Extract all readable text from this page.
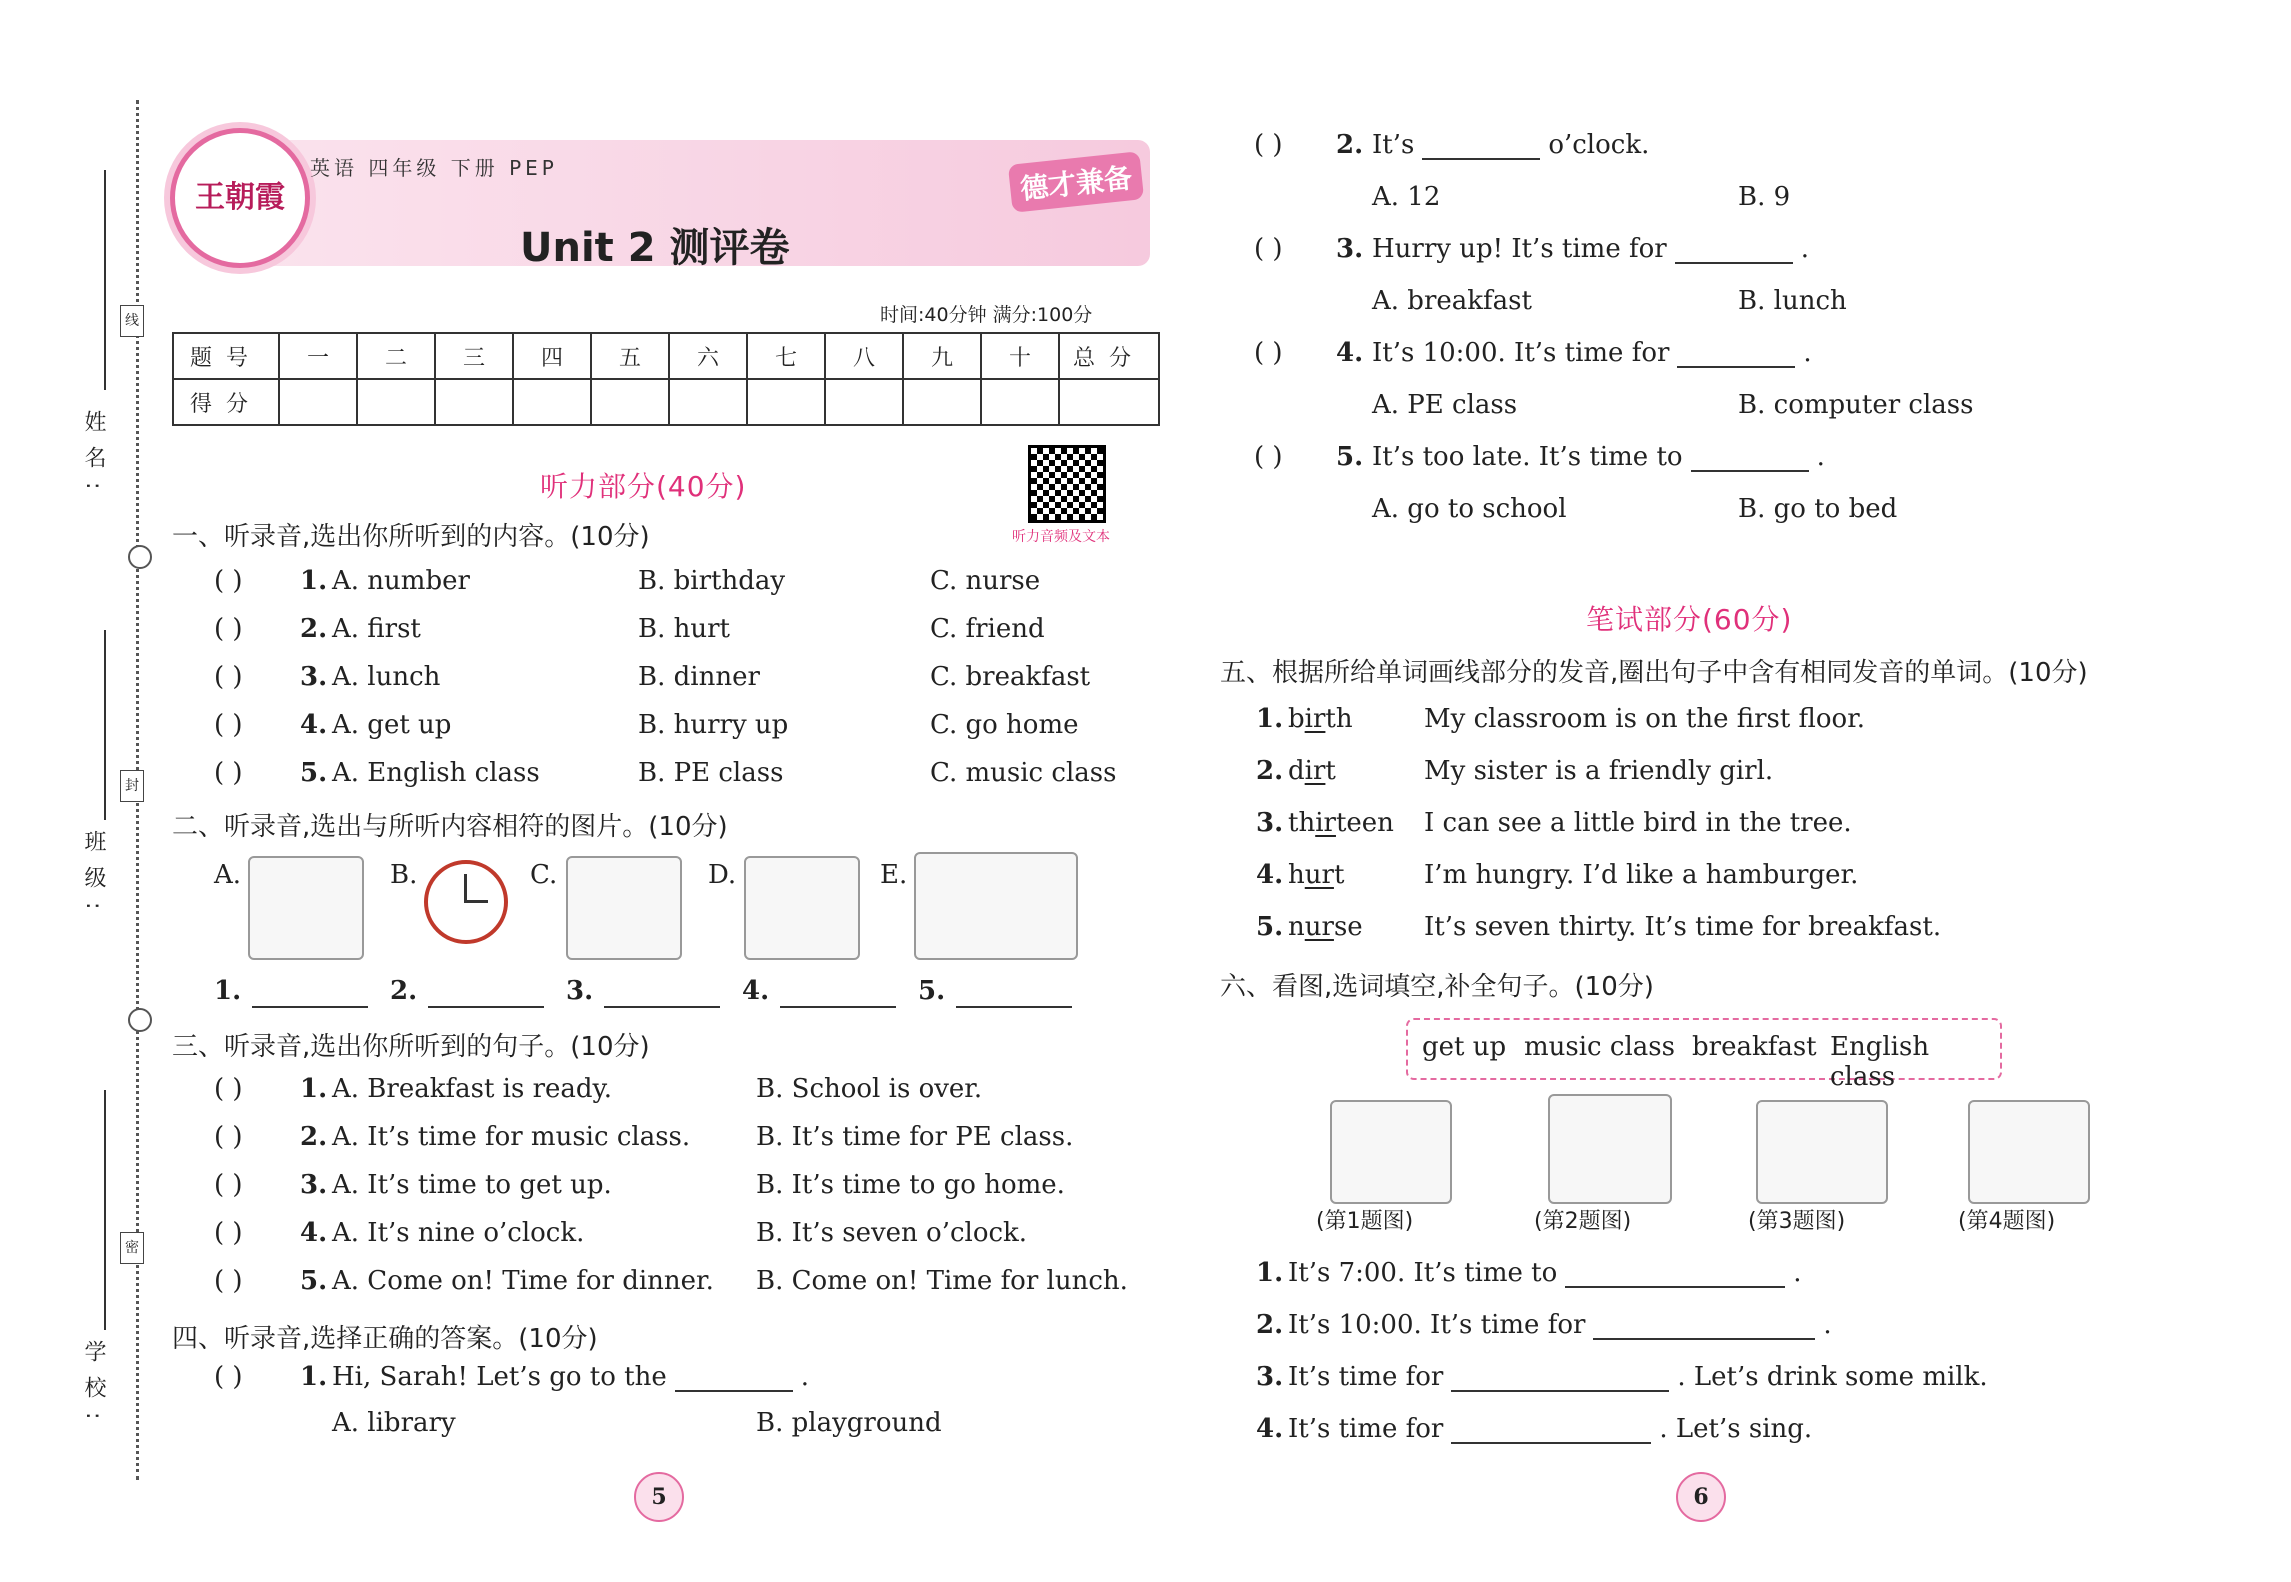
姓名:
班级:
学校:
线
封
密
王朝霞
英语 四年级 下册 PEP
Unit 2 测评卷
德才兼备
时间:40分钟 满分:100分
题号	一	二	三	四	五	六	七	八	九	十	总分
得分											
听力部分(40分)
听力音频及文本
一、听录音,选出你所听到的内容。(10分)
( ) 1. A. number	B. birthday	C. nurse
( ) 2. A. first	B. hurt	C. friend
( ) 3. A. lunch	B. dinner	C. breakfast
( ) 4. A. get up	B. hurry up	C. go home
( ) 5. A. English class	B. PE class	C. music class
二、听录音,选出与所听内容相符的图片。(10分)
A.	B.	C.	D.	E.
1.	2.	3.	4.	5.
三、听录音,选出你所听到的句子。(10分)
( ) 1. A. Breakfast is ready.	B. School is over.
( ) 2. A. It’s time for music class.	B. It’s time for PE class.
( ) 3. A. It’s time to get up.	B. It’s time to go home.
( ) 4. A. It’s nine o’clock.	B. It’s seven o’clock.
( ) 5. A. Come on! Time for dinner. B. Come on! Time for lunch.
四、听录音,选择正确的答案。(10分)
( ) 1. Hi, Sarah! Let’s go to the	.
A. library	B. playground
( ) 2. It’s	o’clock.
A. 12	B. 9
( ) 3. Hurry up! It’s time for	.
A. breakfast	B. lunch
( ) 4. It’s 10:00. It’s time for	.
A. PE class	B. computer class
( ) 5. It’s too late. It’s time to	.
A. go to school	B. go to bed
笔试部分(60分)
五、根据所给单词画线部分的发音,圈出句子中含有相同发音的单词。(10分)
1. birth	My classroom is on the first floor.
2. dirt	My sister is a friendly girl.
3. thirteen I can see a little bird in the tree.
4. hurt	I’m hungry. I’d like a hamburger.
5. nurse It’s seven thirty. It’s time for breakfast.
六、看图,选词填空,补全句子。(10分)
get up music class breakfast English class
(第1题图)	(第2题图)	(第3题图)	(第4题图)
1. It’s 7:00. It’s time to	.
2. It’s 10:00. It’s time for	.
3. It’s time for	. Let’s drink some milk.
4. It’s time for	. Let’s sing.
5	6
